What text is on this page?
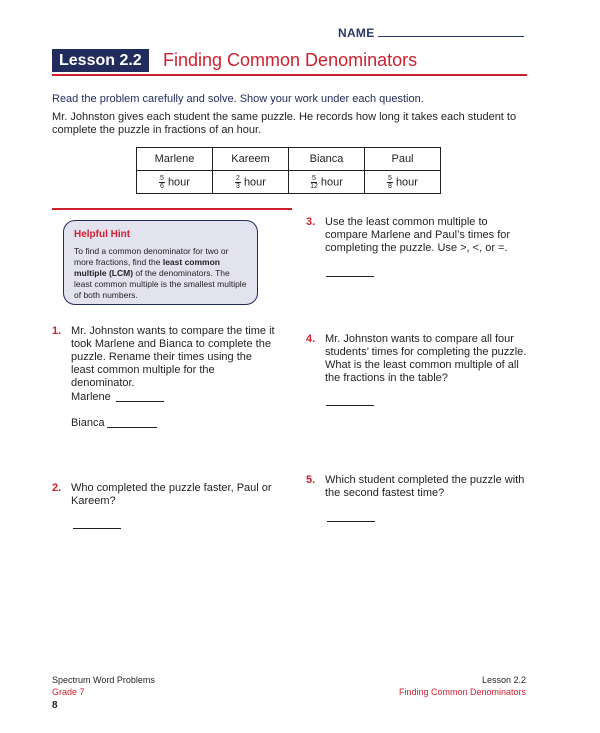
NAME
Lesson 2.2	Finding Common Denominators
Read the problem carefully and solve. Show your work under each question.
Mr. Johnston gives each student the same puzzle. He records how long it takes each student to complete the puzzle in fractions of an hour.
Marlene	Kareem	Bianca	Paul

$\frac{5}{6}$ hour	$\frac{2}{3}$ hour	$\frac{5}{12}$ hour	$\frac{5}{8}$ hour
Helpful Hint
To find a common denominator for two or more fractions, find the least common multiple (LCM) of the denominators. The least common multiple is the smallest multiple of both numbers.
1. Mr. Johnston wants to compare the time it took Marlene and Bianca to complete the puzzle. Rename their times using the least common multiple for the denominator.
Marlene
Bianca
2. Who completed the puzzle faster, Paul or Kareem?
3. Use the least common multiple to compare Marlene and Paul’s times for completing the puzzle. Use >, <, or =.
4. Mr. Johnston wants to compare all four students’ times for completing the puzzle. What is the least common multiple of all the fractions in the table?
5. Which student completed the puzzle with the second fastest time?
Spectrum Word Problems
Grade 7
8
Lesson 2.2
Finding Common Denominators
